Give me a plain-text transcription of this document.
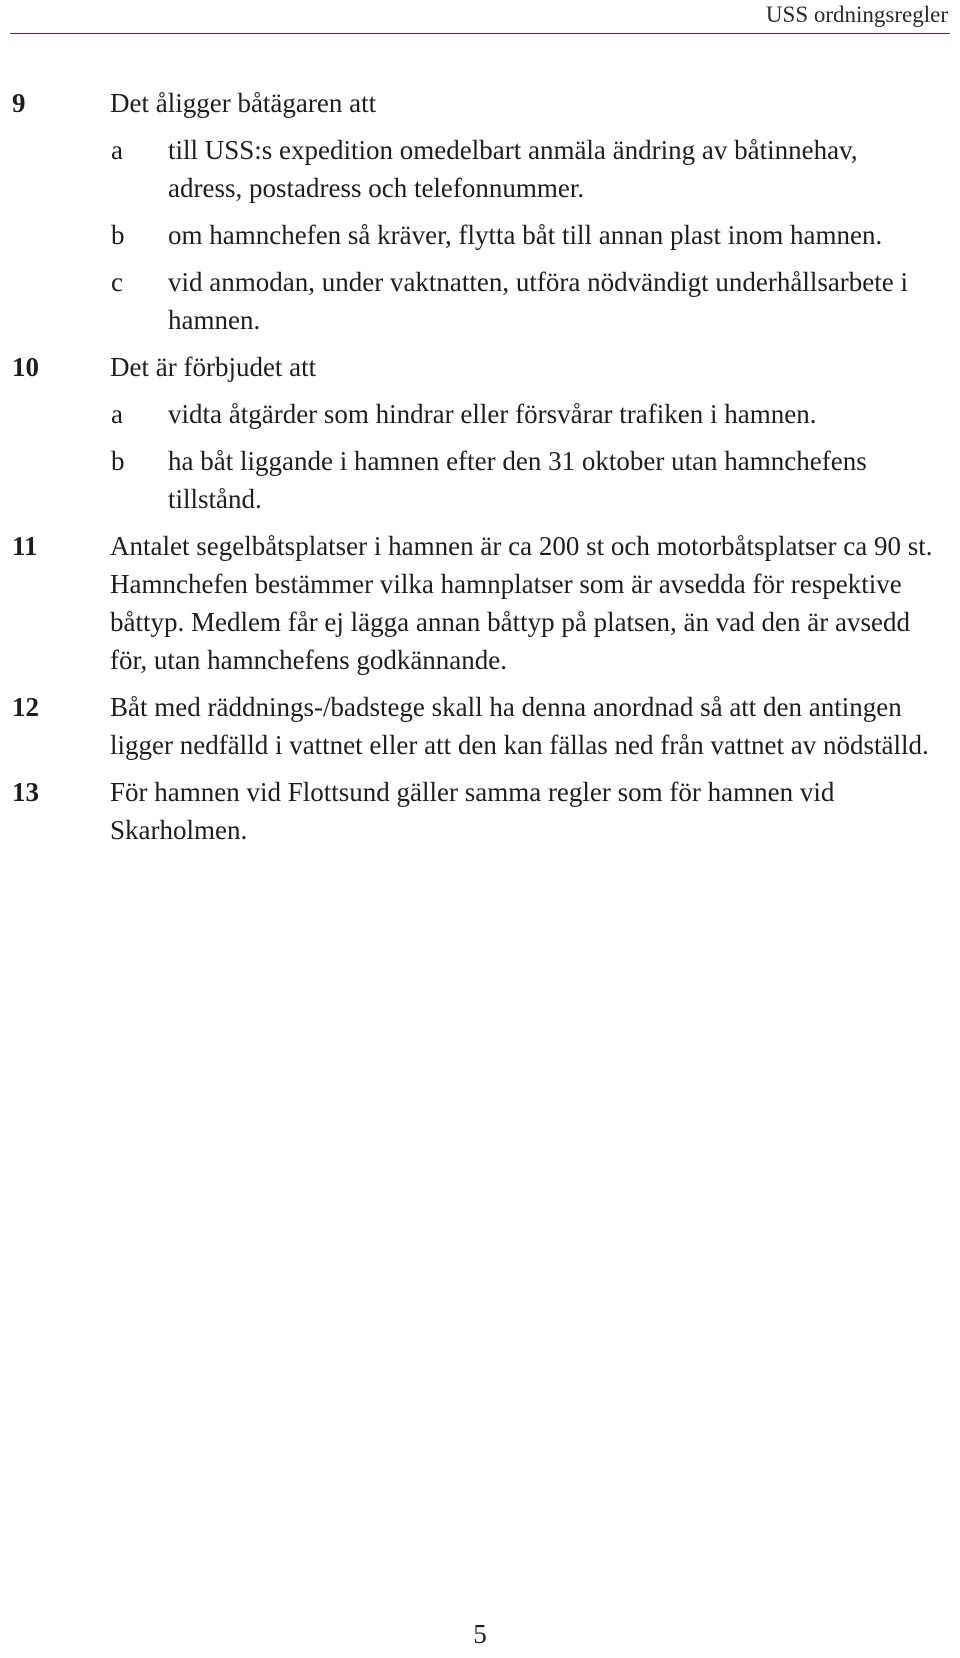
USS ordningsregler
9	Det åligger båtägaren att
a till USS:s expedition omedelbart anmäla ändring av båtinnehav, adress, postadress och telefonnummer.
b om hamnchefen så kräver, flytta båt till annan plast inom hamnen.
c vid anmodan, under vaktnatten, utföra nödvändigt underhållsarbete i hamnen.
10	Det är förbjudet att
a vidta åtgärder som hindrar eller försvårar trafiken i hamnen.
b ha båt liggande i hamnen efter den 31 oktober utan hamnchefens tillstånd.
11	Antalet segelbåtsplatser i hamnen är ca 200 st och motorbåtsplatser ca 90 st. Hamnchefen bestämmer vilka hamnplatser som är avsedda för respektive båttyp. Medlem får ej lägga annan båttyp på platsen, än vad den är avsedd för, utan hamnchefens godkännande.
12	Båt med räddnings-/badstege skall ha denna anordnad så att den antingen ligger nedfälld i vattnet eller att den kan fällas ned från vattnet av nödställd.
13	För hamnen vid Flottsund gäller samma regler som för hamnen vid Skarholmen.
5
